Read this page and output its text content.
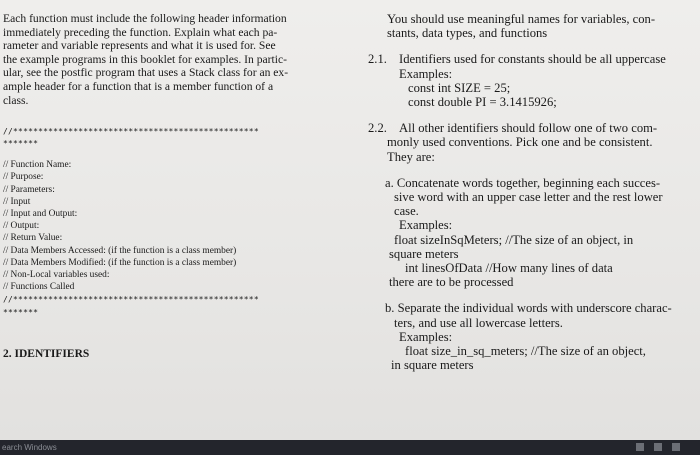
Each function must include the following header information
immediately preceding the function. Explain what each pa-
rameter and variable represents and what it is used for. See
the example programs in this booklet for examples. In partic-
ular, see the postfic program that uses a Stack class for an ex-
ample header for a function that is a member function of a
class.
//*************************************************
*******
// Function Name:
// Purpose:
// Parameters:
// Input
// Input and Output:
// Output:
// Return Value:
// Data Members Accessed: (if the function is a class member)
// Data Members Modified: (if the function is a class member)
// Non-Local variables used:
// Functions Called
//*************************************************
*******
2. IDENTIFIERS
You should use meaningful names for variables, con-
stants, data types, and functions
2.1. Identifiers used for constants should be all uppercase
Examples:
const int SIZE = 25;
const double PI = 3.1415926;
2.2. All other identifiers should follow one of two com-
monly used conventions. Pick one and be consistent.
They are:
a. Concatenate words together, beginning each succes-
sive word with an upper case letter and the rest lower
case.
Examples:
float sizeInSqMeters; //The size of an object, in
square meters
int linesOfData //How many lines of data
there are to be processed
b. Separate the individual words with underscore charac-
ters, and use all lowercase letters.
Examples:
float size_in_sq_meters; //The size of an object,
in square meters
earch Windows
